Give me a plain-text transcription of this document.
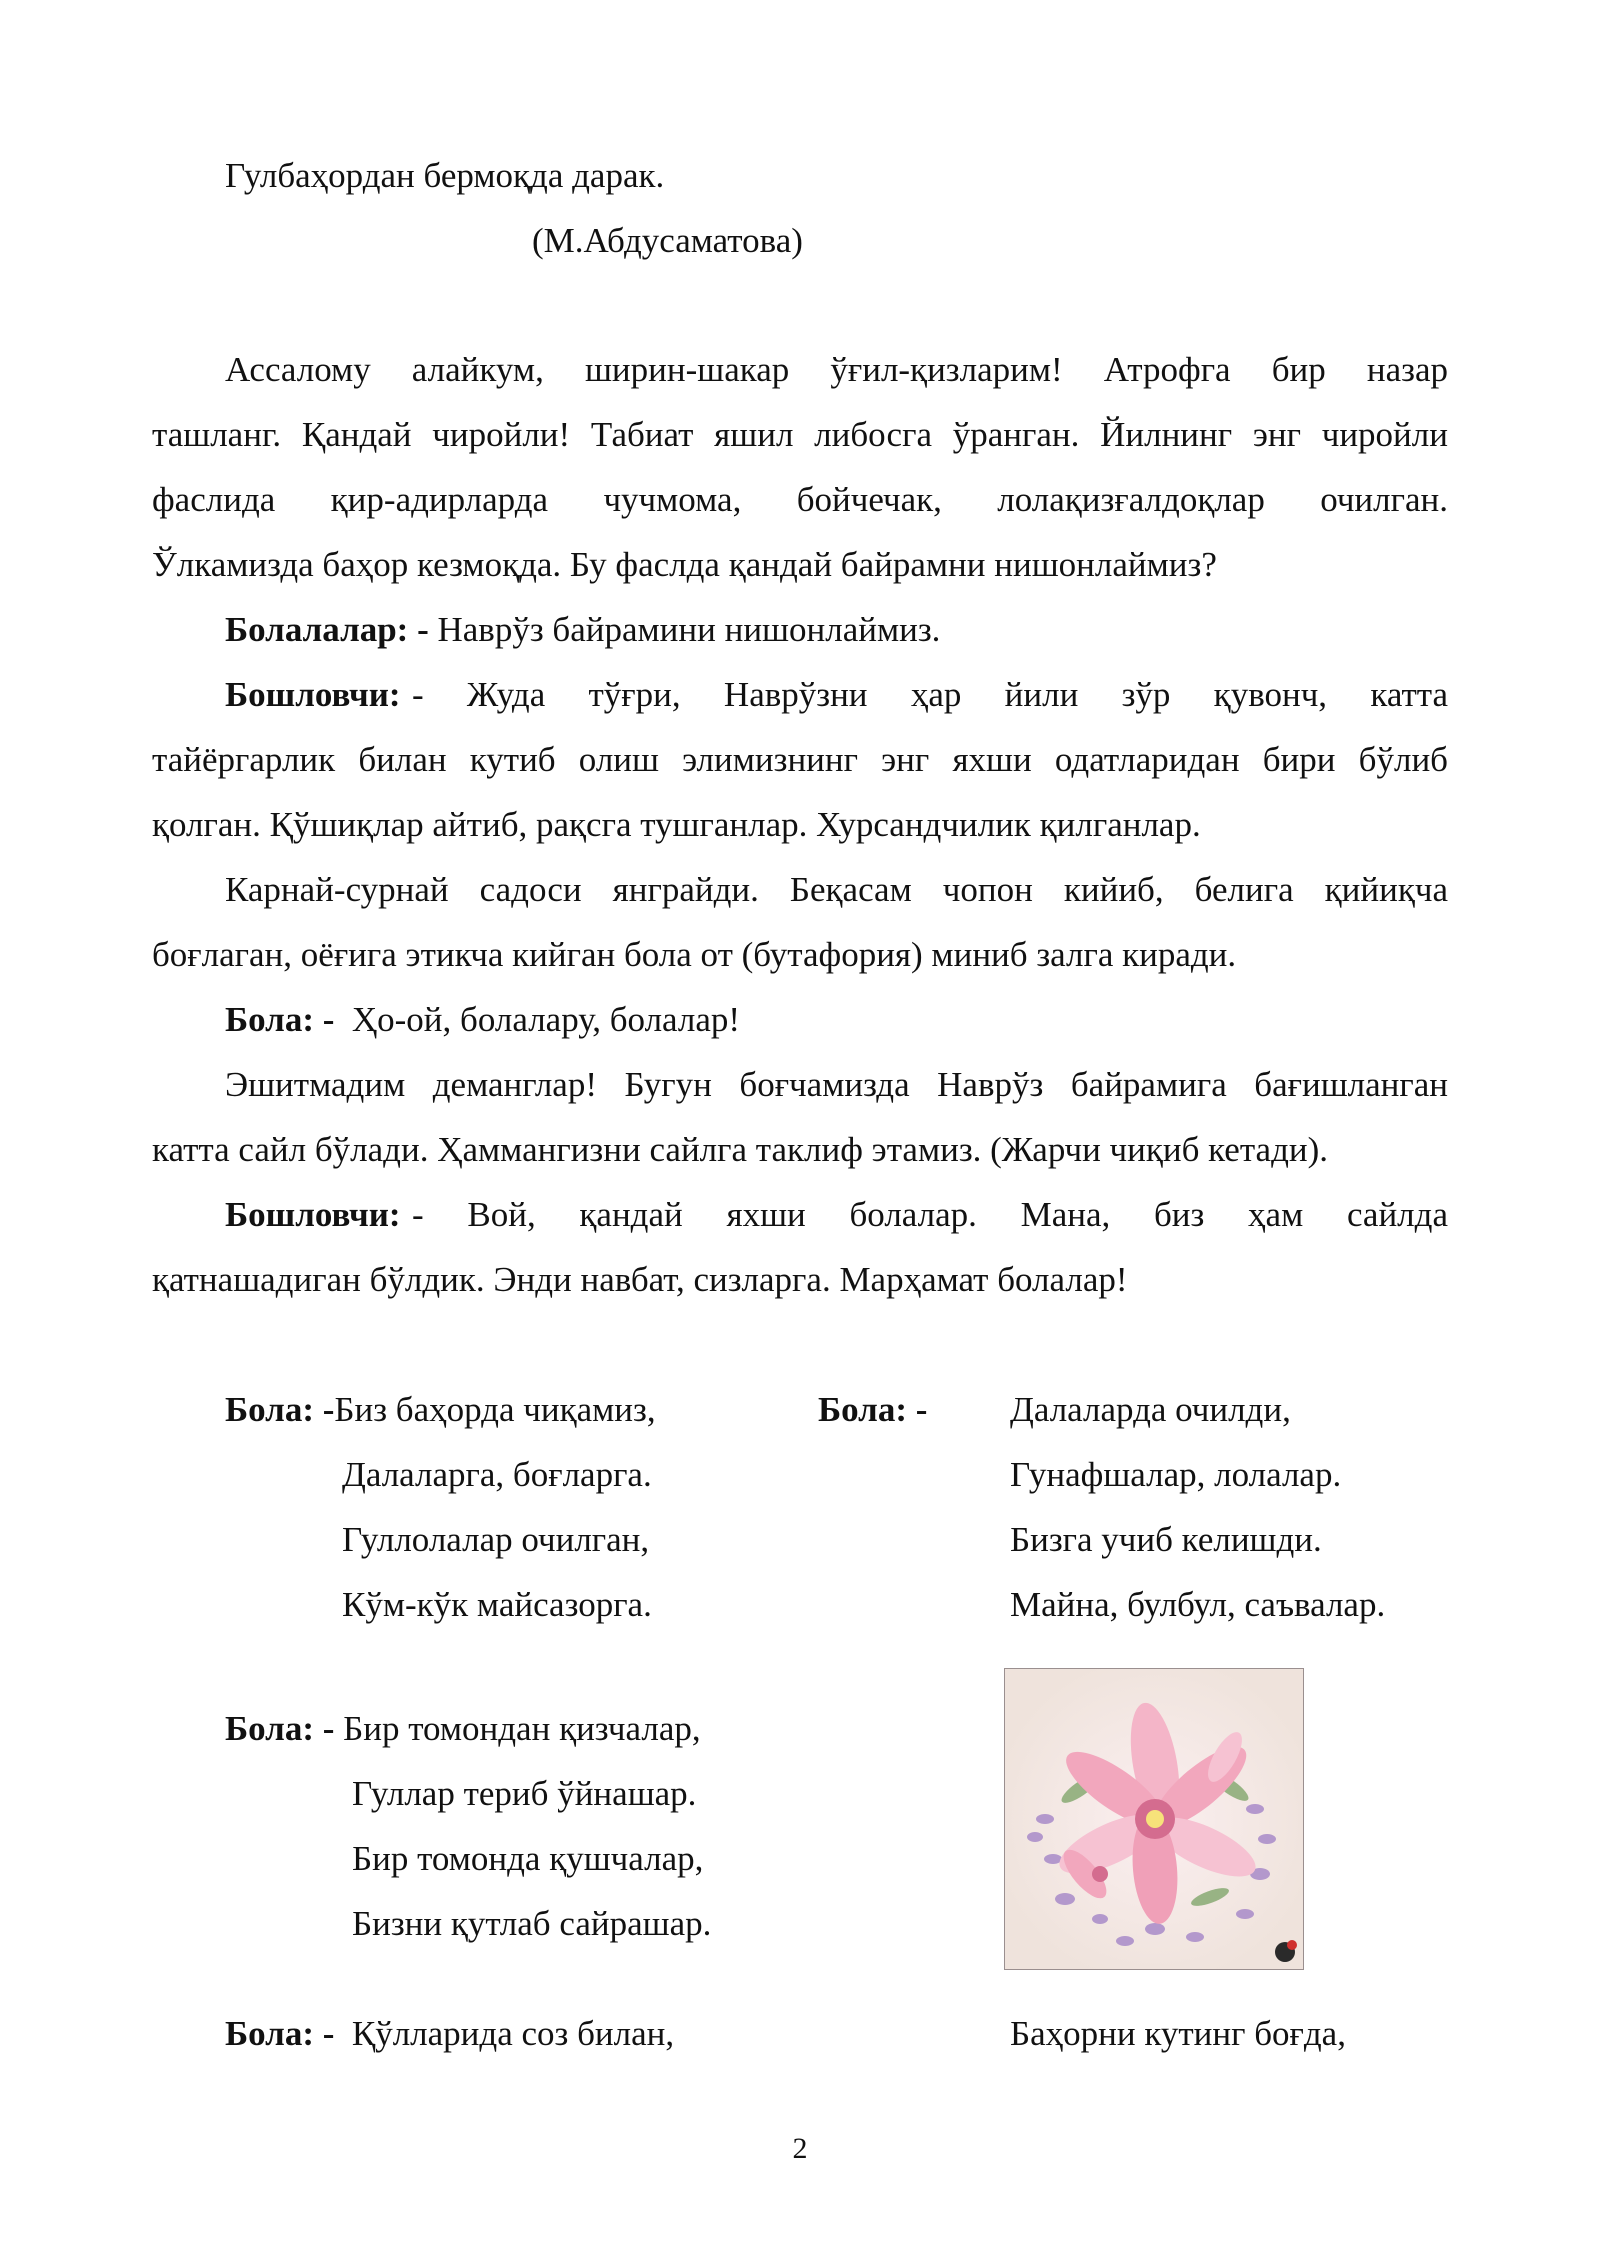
Гулбаҳордан бермоқда дарак.
(М.Абдусаматова)
Ассалому алайкум, ширин-шакар ўғил-қизларим! Атрофга бир назар
ташланг. Қандай чиройли! Табиат яшил либосга ўранган. Йилнинг энг чиройли
фаслида қир-адирларда чучмома, бойчечак, лолақизғалдоқлар очилган.
Ўлкамизда баҳор кезмоқда. Бу фаслда қандай байрамни нишонлаймиз?
Болалалар: - Наврўз байрамини нишонлаймиз.
Бошловчи: - Жуда тўғри, Наврўзни ҳар йили зўр қувонч, катта
тайёргарлик билан кутиб олиш элимизнинг энг яхши одатларидан бири бўлиб
қолган. Қўшиқлар айтиб, рақсга тушганлар. Хурсандчилик қилганлар.
Карнай-сурнай садоси янграйди. Беқасам чопон кийиб, белига қийиқча
боғлаган, оёғига этикча кийган бола от (бутафория) миниб залга киради.
Бола: -  Ҳо-ой, болалару, болалар!
Эшитмадим деманглар! Бугун боғчамизда Наврўз байрамига бағишланган
катта сайл бўлади. Ҳаммангизни сайлга таклиф этамиз. (Жарчи чиқиб кетади).
Бошловчи: - Вой, қандай яхши болалар. Мана, биз ҳам сайлда
қатнашадиган бўлдик. Энди навбат, сизларга. Марҳамат болалар!
Бола: -Биз баҳорда чиқамиз,
Далаларга, боғларга.
Гуллолалар очилган,
Кўм-кўк майсазорга.
Бола: - Далаларда очилди,
Гунафшалар, лолалар.
Бизга учиб келишди.
Майна, булбул, саъвалар.
Бола: - Бир томондан қизчалар,
Гуллар териб ўйнашар.
Бир томонда қушчалар,
Бизни қутлаб сайрашар.
Бола: -  Қўлларида соз билан,	Баҳорни кутинг боғда,
2
